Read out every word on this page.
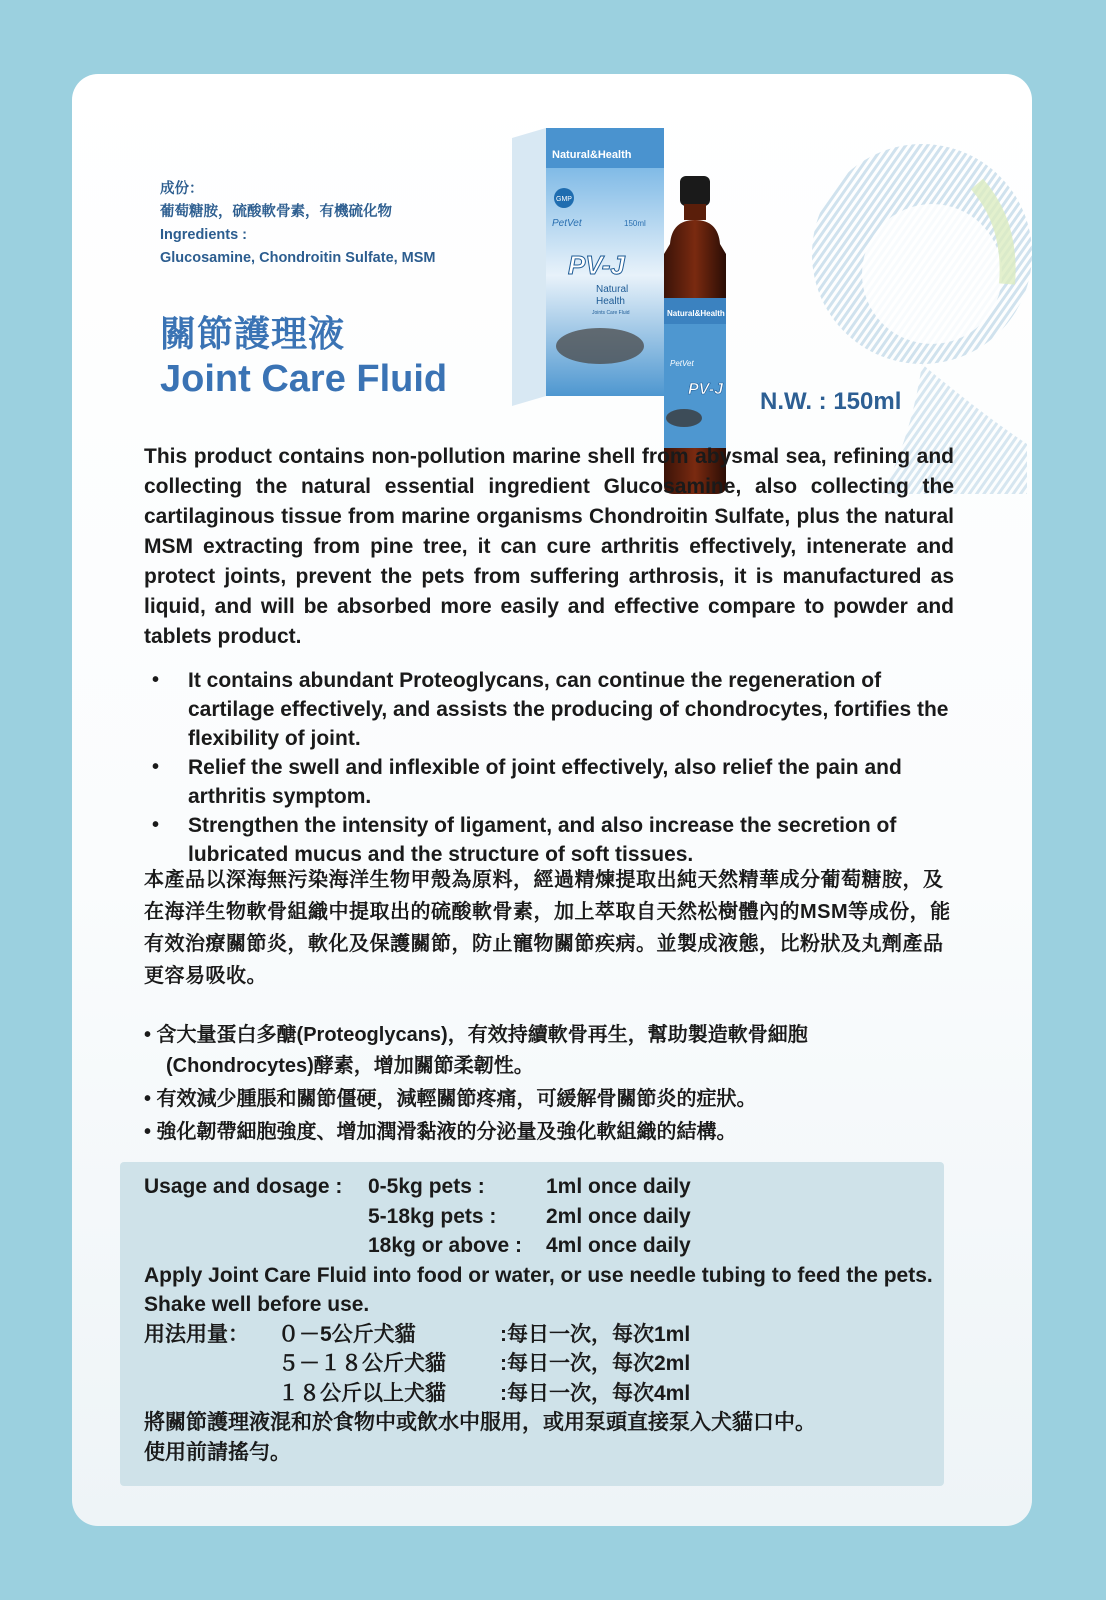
成份：
葡萄糖胺，硫酸軟骨素，有機硫化物
Ingredients :
Glucosamine, Chondroitin Sulfate, MSM
關節護理液
Joint Care Fluid
Natural&Health
GMP
PetVet	150ml
PV-J
Natural
Health
Joints Care Fluid	Natural&Health
PetVet
PV-J N.W. : 150ml
This product contains non-pollution marine shell from abysmal sea, refining and collecting the natural essential ingredient Glucosamine, also collecting the cartilaginous tissue from marine organisms Chondroitin Sulfate, plus the natural MSM extracting from pine tree, it can cure arthritis effectively, intenerate and protect joints, prevent the pets from suffering arthrosis, it is manufactured as liquid, and will be absorbed more easily and effective compare to powder and tablets product.
• It contains abundant Proteoglycans, can continue the regeneration of cartilage effectively, and assists the producing of chondrocytes, fortifies the flexibility of joint.
• Relief the swell and inflexible of joint effectively, also relief the pain and arthritis symptom.
• Strengthen the intensity of ligament, and also increase the secretion of lubricated mucus and the structure of soft tissues.
本產品以深海無污染海洋生物甲殼為原料，經過精煉提取出純天然精華成分葡萄糖胺，及在海洋生物軟骨組織中提取出的硫酸軟骨素，加上萃取自天然松樹體內的MSM等成份，能有效治療關節炎，軟化及保護關節，防止寵物關節疾病。並製成液態，比粉狀及丸劑產品更容易吸收。
• 含大量蛋白多醣(Proteoglycans)，有效持續軟骨再生，幫助製造軟骨細胞(Chondrocytes)酵素，增加關節柔韌性。
• 有效減少腫脹和關節僵硬，減輕關節疼痛，可緩解骨關節炎的症狀。
• 強化韌帶細胞強度、增加潤滑黏液的分泌量及強化軟組織的結構。
Usage and dosage :	0-5kg pets :	1ml once daily
5-18kg pets :	2ml once daily
18kg or above :	4ml once daily
Apply Joint Care Fluid into food or water, or use needle tubing to feed the pets. Shake well before use.
用法用量：	０－5公斤犬貓	:每日一次，每次1ml
５－１８公斤犬貓	:每日一次，每次2ml
１８公斤以上犬貓	:每日一次，每次4ml
將關節護理液混和於食物中或飲水中服用，或用泵頭直接泵入犬貓口中。
使用前請搖勻。
